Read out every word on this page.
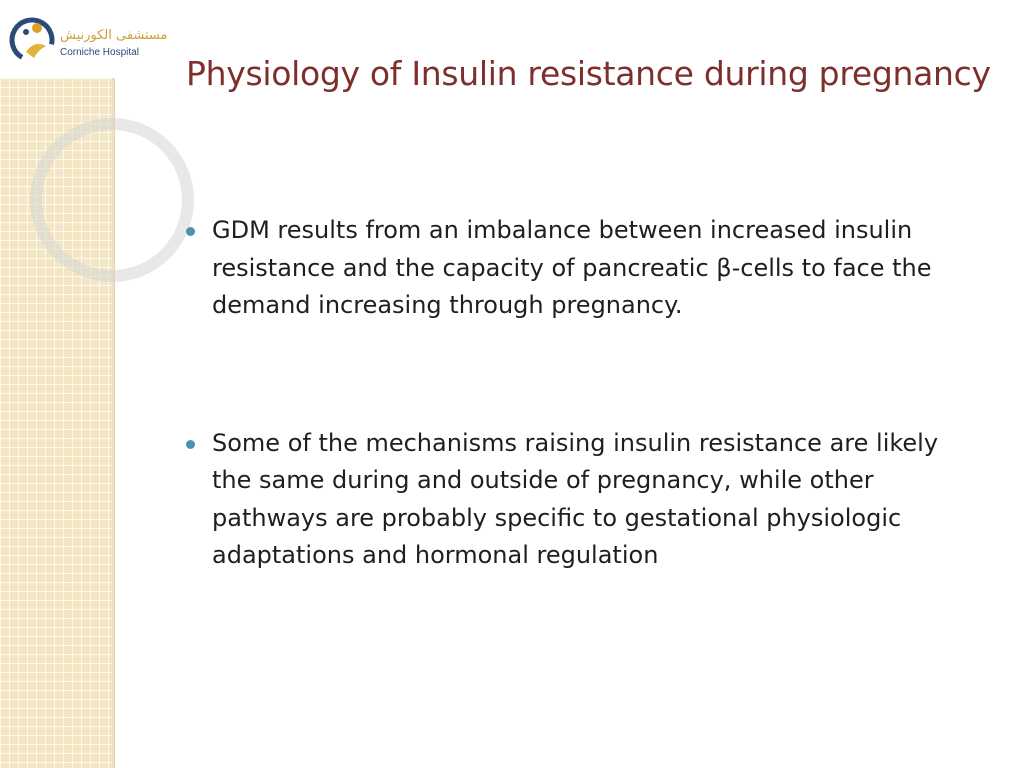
مستشفى الكورنيش
Corniche Hospital
Physiology of Insulin resistance during pregnancy
GDM results from an imbalance between increased insulin resistance and the capacity of pancreatic β-cells to face the demand increasing through pregnancy.
Some of the mechanisms raising insulin resistance are likely the same during and outside of pregnancy, while other pathways are probably specific to gestational physiologic adaptations and hormonal regulation
